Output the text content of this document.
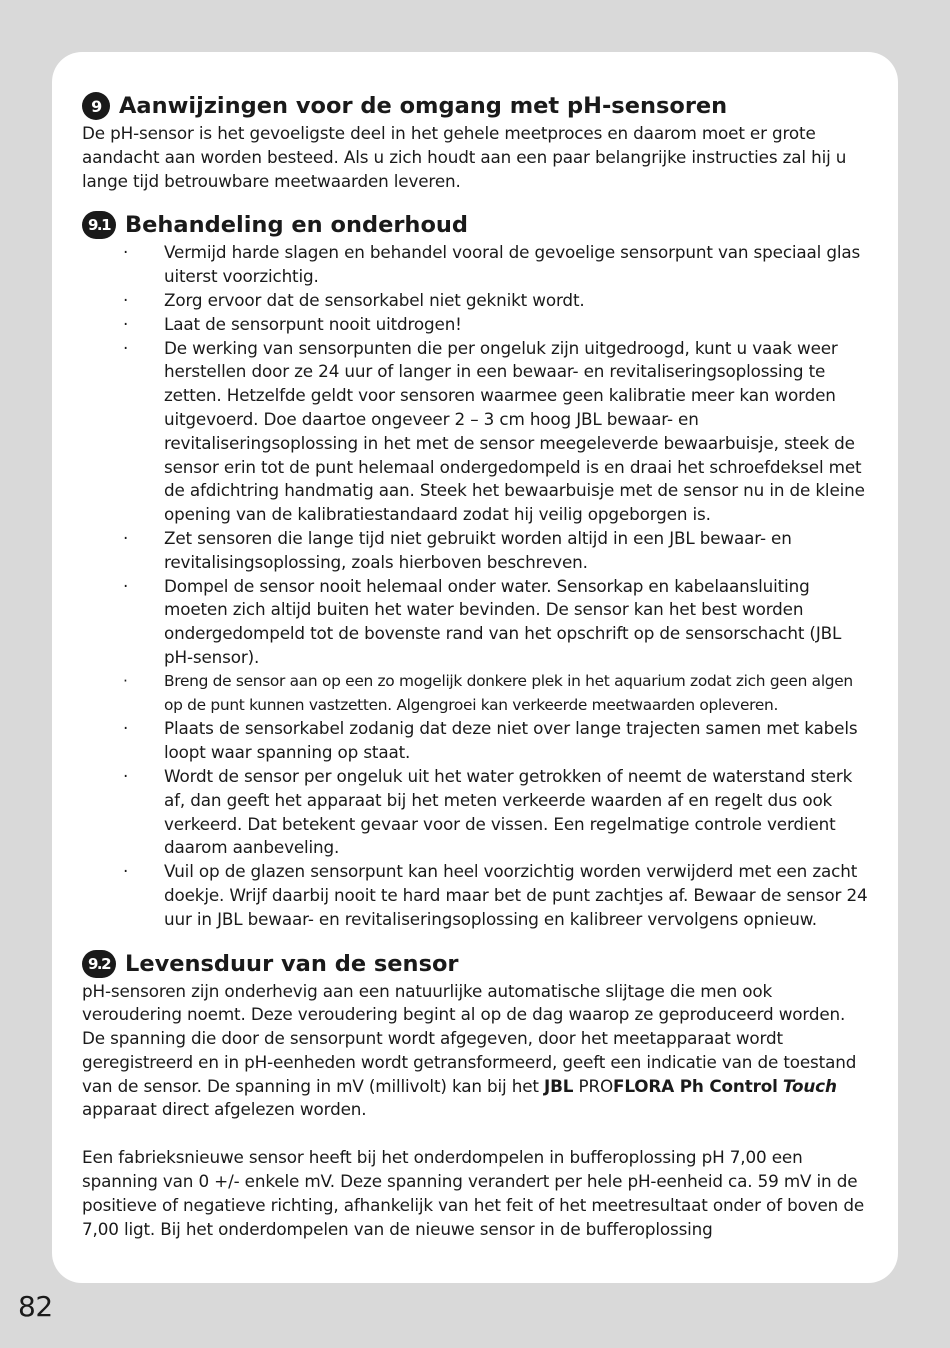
9 Aanwijzingen voor de omgang met pH-sensoren

De pH-sensor is het gevoeligste deel in het gehele meetproces en daarom moet er grote aandacht aan worden besteed. Als u zich houdt aan een paar belangrijke instructies zal hij u lange tijd betrouwbare meetwaarden leveren.

9.1 Behandeling en onderhoud
· Vermijd harde slagen en behandel vooral de gevoelige sensorpunt van speciaal glas uiterst voorzichtig.
· Zorg ervoor dat de sensorkabel niet geknikt wordt.
· Laat de sensorpunt nooit uitdrogen!
· De werking van sensorpunten die per ongeluk zijn uitgedroogd, kunt u vaak weer herstellen door ze 24 uur of langer in een bewaar- en revitaliseringsoplossing te zetten. Hetzelfde geldt voor sensoren waarmee geen kalibratie meer kan worden uitgevoerd. Doe daartoe ongeveer 2 – 3 cm hoog JBL bewaar- en revitaliseringsoplossing in het met de sensor meegeleverde bewaarbuisje, steek de sensor erin tot de punt helemaal ondergedompeld is en draai het schroefdeksel met de afdichtring handmatig aan. Steek het bewaarbuisje met de sensor nu in de kleine opening van de kalibratiestandaard zodat hij veilig opgeborgen is.
· Zet sensoren die lange tijd niet gebruikt worden altijd in een JBL bewaar- en revitalisingsoplossing, zoals hierboven beschreven.
· Dompel de sensor nooit helemaal onder water. Sensorkap en kabelaansluiting moeten zich altijd buiten het water bevinden. De sensor kan het best worden ondergedompeld tot de bovenste rand van het opschrift op de sensorschacht (JBL pH-sensor).
·	Breng de sensor aan op een zo mogelijk donkere plek in het aquarium zodat zich geen algen op de punt kunnen vastzetten. Algengroei kan verkeerde meetwaarden opleveren.
· Plaats de sensorkabel zodanig dat deze niet over lange trajecten samen met kabels loopt waar spanning op staat.
· Wordt de sensor per ongeluk uit het water getrokken of neemt de waterstand sterk af, dan geeft het apparaat bij het meten verkeerde waarden af en regelt dus ook verkeerd. Dat betekent gevaar voor de vissen. Een regelmatige controle verdient daarom aanbeveling.
· Vuil op de glazen sensorpunt kan heel voorzichtig worden verwijderd met een zacht doekje. Wrijf daarbij nooit te hard maar bet de punt zachtjes af. Bewaar de sensor 24 uur in JBL bewaar- en revitaliseringsoplossing en kalibreer vervolgens opnieuw.
9.2 Levensduur van de sensor

pH-sensoren zijn onderhevig aan een natuurlijke automatische slijtage die men ook veroudering noemt. Deze veroudering begint al op de dag waarop ze geproduceerd worden. De spanning die door de sensorpunt wordt afgegeven, door het meetapparaat wordt geregistreerd en in pH-eenheden wordt getransformeerd, geeft een indicatie van de toestand van de sensor. De spanning in mV (millivolt) kan bij het JBL PROFLORA Ph Control Touch apparaat direct afgelezen worden.

Een fabrieksnieuwe sensor heeft bij het onderdompelen in bufferoplossing pH 7,00 een spanning van 0 +/- enkele mV. Deze spanning verandert per hele pH-eenheid ca. 59 mV in de positieve of negatieve richting, afhankelijk van het feit of het meetresultaat onder of boven de 7,00 ligt. Bij het onderdompelen van de nieuwe sensor in de bufferoplossing

82
